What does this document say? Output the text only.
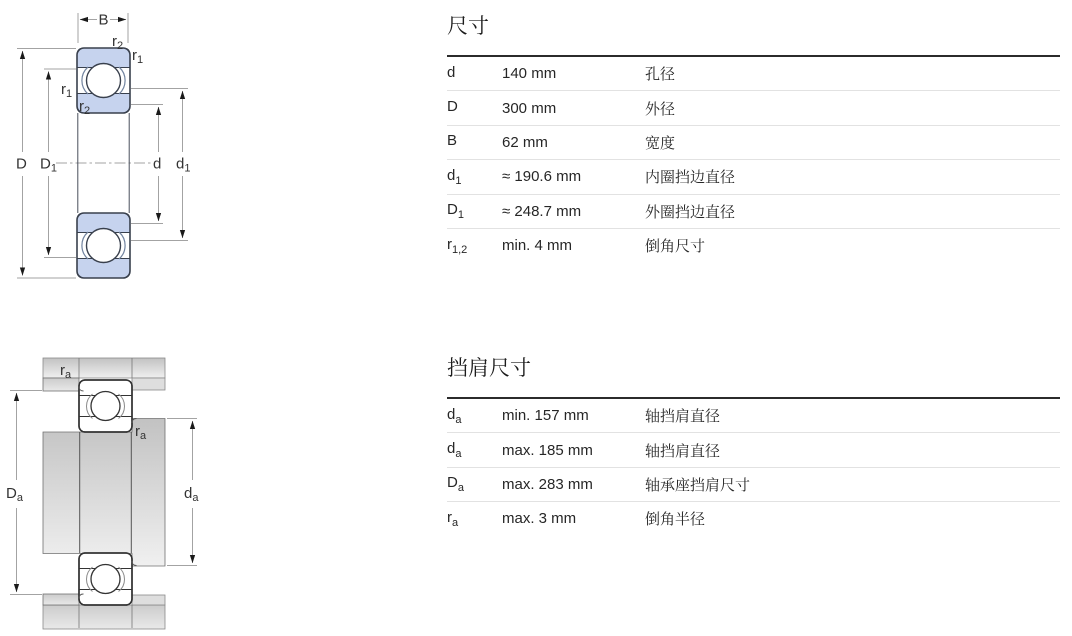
B
$r_2$
$r_1$
$r_1$
$r_2$
D $D_1$	d $d_1$
$r_a$
$r_a$
$D_a$	$d_a$
尺寸
d	140 mm	孔径
D	300 mm	外径
B	62 mm	宽度
$d_1$	≈ 190.6 mm	内圈挡边直径
$D_1$	≈ 248.7 mm	外圈挡边直径
$r_{1,2}$	min. 4 mm	倒角尺寸
挡肩尺寸
$d_a$	min. 157 mm	轴挡肩直径
$d_a$	max. 185 mm	轴挡肩直径
$D_a$	max. 283 mm	轴承座挡肩尺寸
$r_a$	max. 3 mm	倒角半径
